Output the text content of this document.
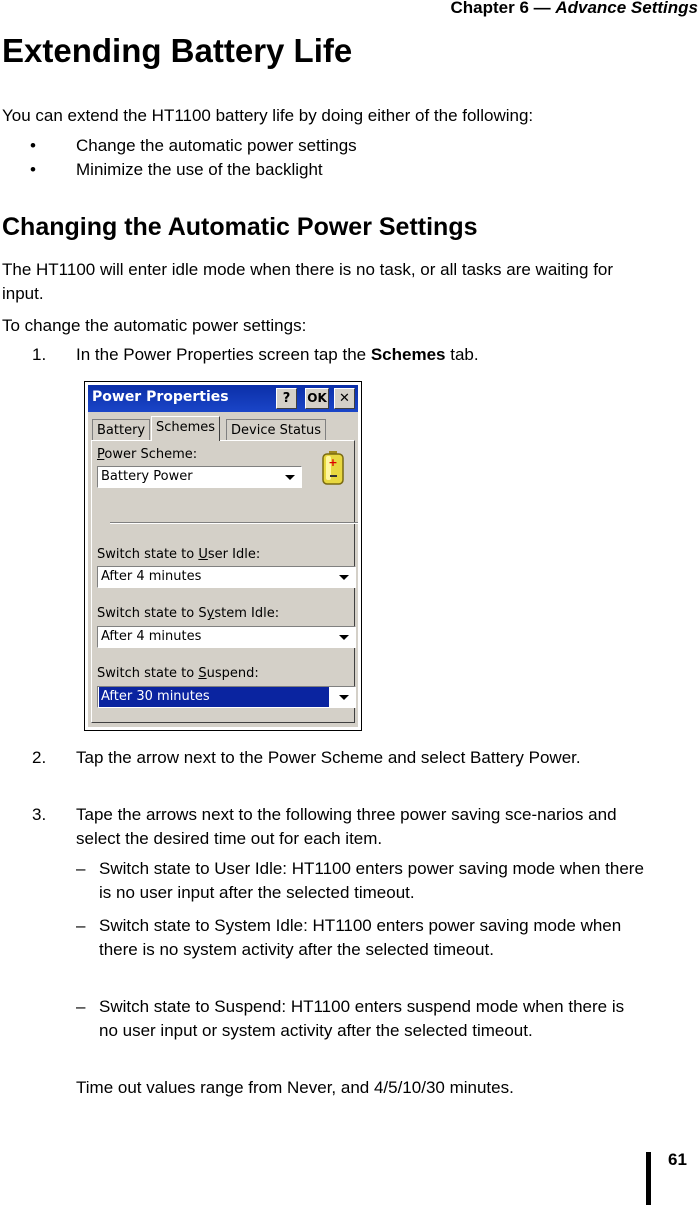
Chapter 6 — Advance Settings
Extending Battery Life
You can extend the HT1100 battery life by doing either of the following:
• Change the automatic power settings
• Minimize the use of the backlight
Changing the Automatic Power Settings
The HT1100 will enter idle mode when there is no task, or all tasks are waiting for input.
To change the automatic power settings:
1. In the Power Properties screen tap the Schemes tab.
Power Properties	?	OK ✕
Battery Schemes	Device Status
Power Scheme:
Battery Power
+
Switch state to User Idle:
After 4 minutes
Switch state to System Idle:
After 4 minutes
Switch state to Suspend:
After 30 minutes
2. Tap the arrow next to the Power Scheme and select Battery Power.
3. Tape the arrows next to the following three power saving sce-narios and select the desired time out for each item.
– Switch state to User Idle: HT1100 enters power saving mode when there is no user input after the selected timeout.
– Switch state to System Idle: HT1100 enters power saving mode when there is no system activity after the selected timeout.
– Switch state to Suspend: HT1100 enters suspend mode when there is no user input or system activity after the selected timeout.
Time out values range from Never, and 4/5/10/30 minutes.
61
